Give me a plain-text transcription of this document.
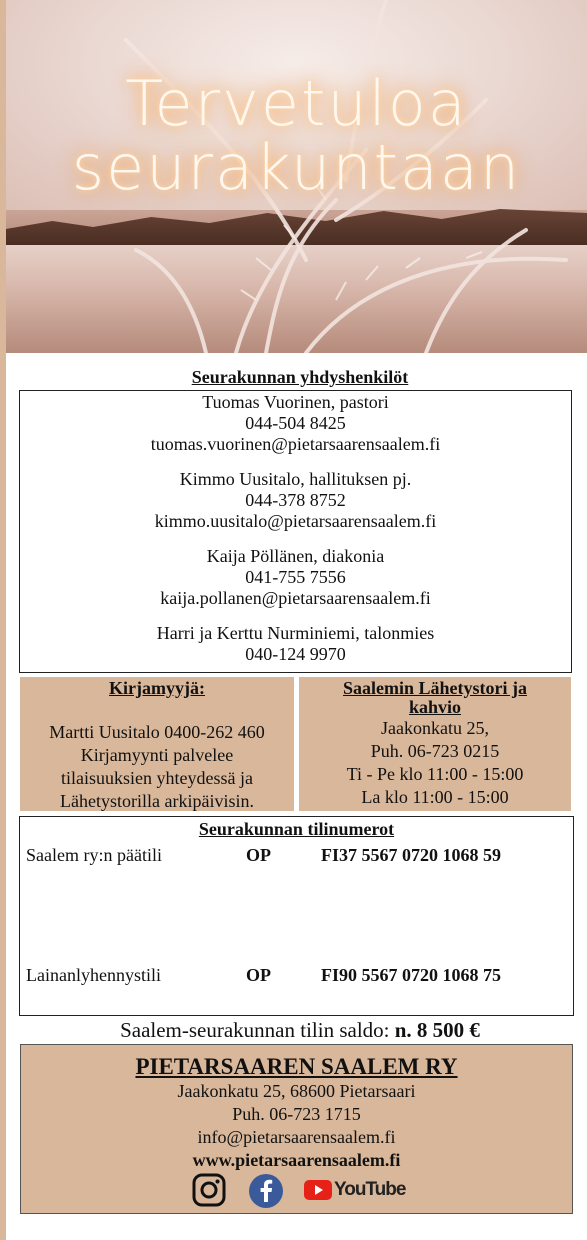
Tervetuloa
seurakuntaan
Seurakunnan yhdyshenkilöt
Tuomas Vuorinen, pastori
044-504 8425
tuomas.vuorinen@pietarsaarensaalem.fi
Kimmo Uusitalo, hallituksen pj.
044-378 8752
kimmo.uusitalo@pietarsaarensaalem.fi
Kaija Pöllänen, diakonia
041-755 7556
kaija.pollanen@pietarsaarensaalem.fi
Harri ja Kerttu Nurminiemi, talonmies
040-124 9970
Kirjamyyjä:
Martti Uusitalo 0400-262 460
Kirjamyynti palvelee
tilaisuuksien yhteydessä ja
Lähetystorilla arkipäivisin.
Saalemin Lähetystori ja kahvio
Jaakonkatu 25,
Puh. 06-723 0215
Ti - Pe klo 11:00 - 15:00
La klo 11:00 - 15:00
Seurakunnan tilinumerot
Saalem ry:n päätili	OP	FI37 5567 0720 1068 59
Lainanlyhennystili	OP	FI90 5567 0720 1068 75
Saalem-seurakunnan tilin saldo: n. 8 500 €
PIETARSAAREN SAALEM RY
Jaakonkatu 25, 68600 Pietarsaari
Puh. 06-723 1715
info@pietarsaarensaalem.fi
www.pietarsaarensaalem.fi
YouTube
